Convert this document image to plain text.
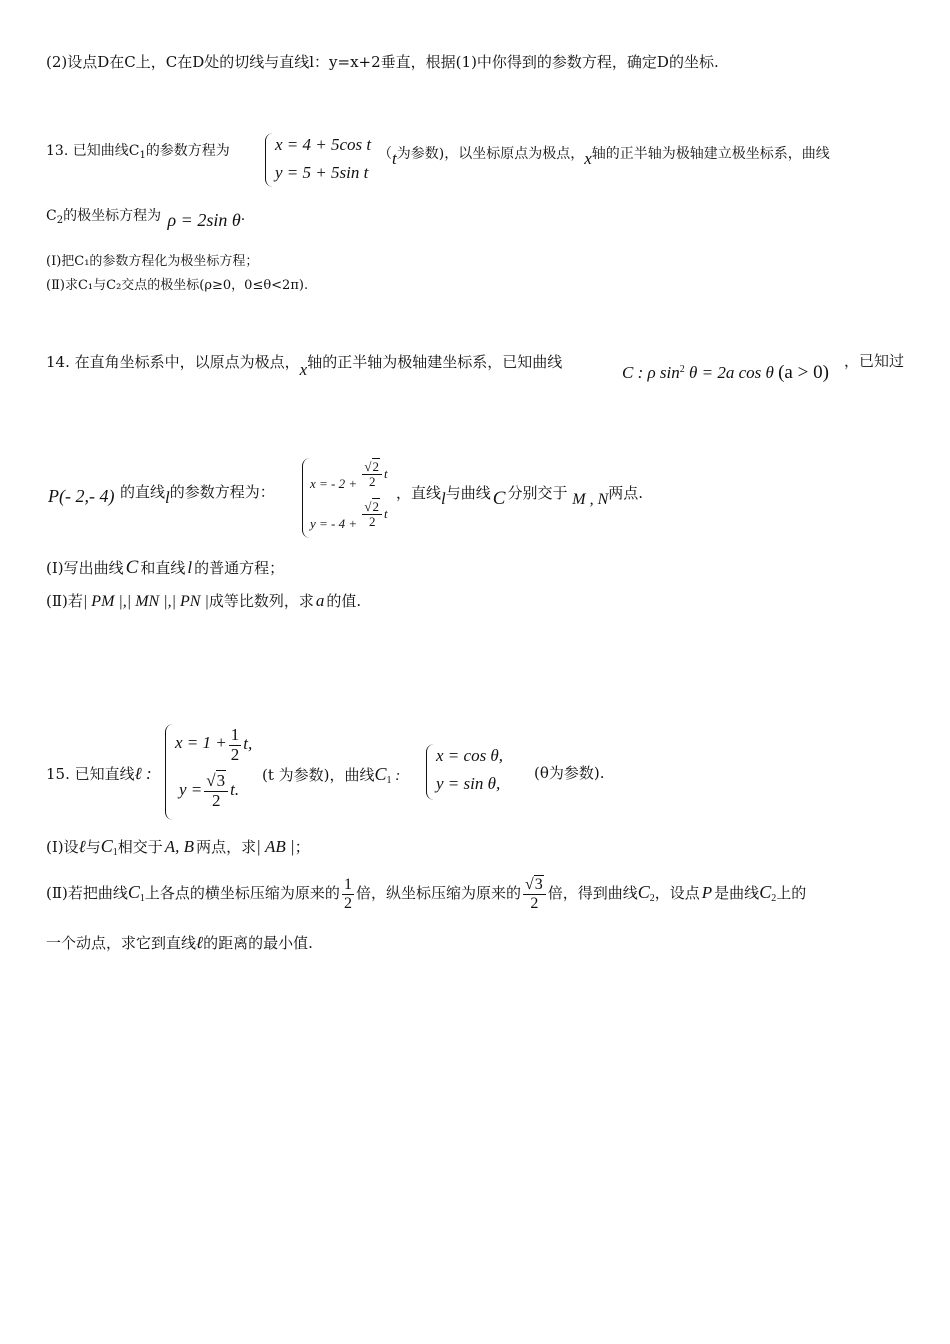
(2)设点D在C上，C在D处的切线与直线l：y=x+2垂直，根据(1)中你得到的参数方程，确定D的坐标.
13. 已知曲线$C_1$的参数方程为	x = 4 + 5cos t
y = 5 + 5sin t
（t为参数)，以坐标原点为极点，x轴的正半轴为极轴建立极坐标系，曲线
$C_2$的极坐标方程为 ρ = 2sin θ.
(Ⅰ)把C₁的参数方程化为极坐标方程；
(Ⅱ)求C₁与C₂交点的极坐标(ρ≥0，0≤θ<2π).
14. 在直角坐标系中，以原点为极点，x轴的正半轴为极轴建坐标系，已知曲线
C : ρ $\sin^2 \theta = 2a$ cos θ (a > 0)
，已知过
P(- 2,- 4) 的直线l的参数方程为：	x = - $2 + \frac{√2}{2}$ t
y = - $4 + \frac{√2}{2}$ t
，直线l与曲线 C 分别交于 M , N两点.
(Ⅰ)写出曲线 C 和直线 l 的普通方程；
(Ⅱ)若| PM |,| MN |,| PN |成等比数列，求 a 的值.
15. 已知直线ℓ :
$x = 1 + \frac{1}{2} t$,
$y = \frac{√3}{2} t$.
(t 为参数)，曲线$C_1$ :
x = cos θ,
y = sin θ,
(θ为参数).
(Ⅰ)设ℓ与$C_1$相交于 A, B 两点，求| AB |；
(Ⅱ)若把曲线$C_1$上各点的横坐标压缩为原来的 $\frac{1}{2}$ 倍，纵坐标压缩为原来的 $\frac{√3}{2}$ 倍，得到曲线$C_2$，设点 P 是曲线$C_2$上的
一个动点，求它到直线ℓ的距离的最小值.
